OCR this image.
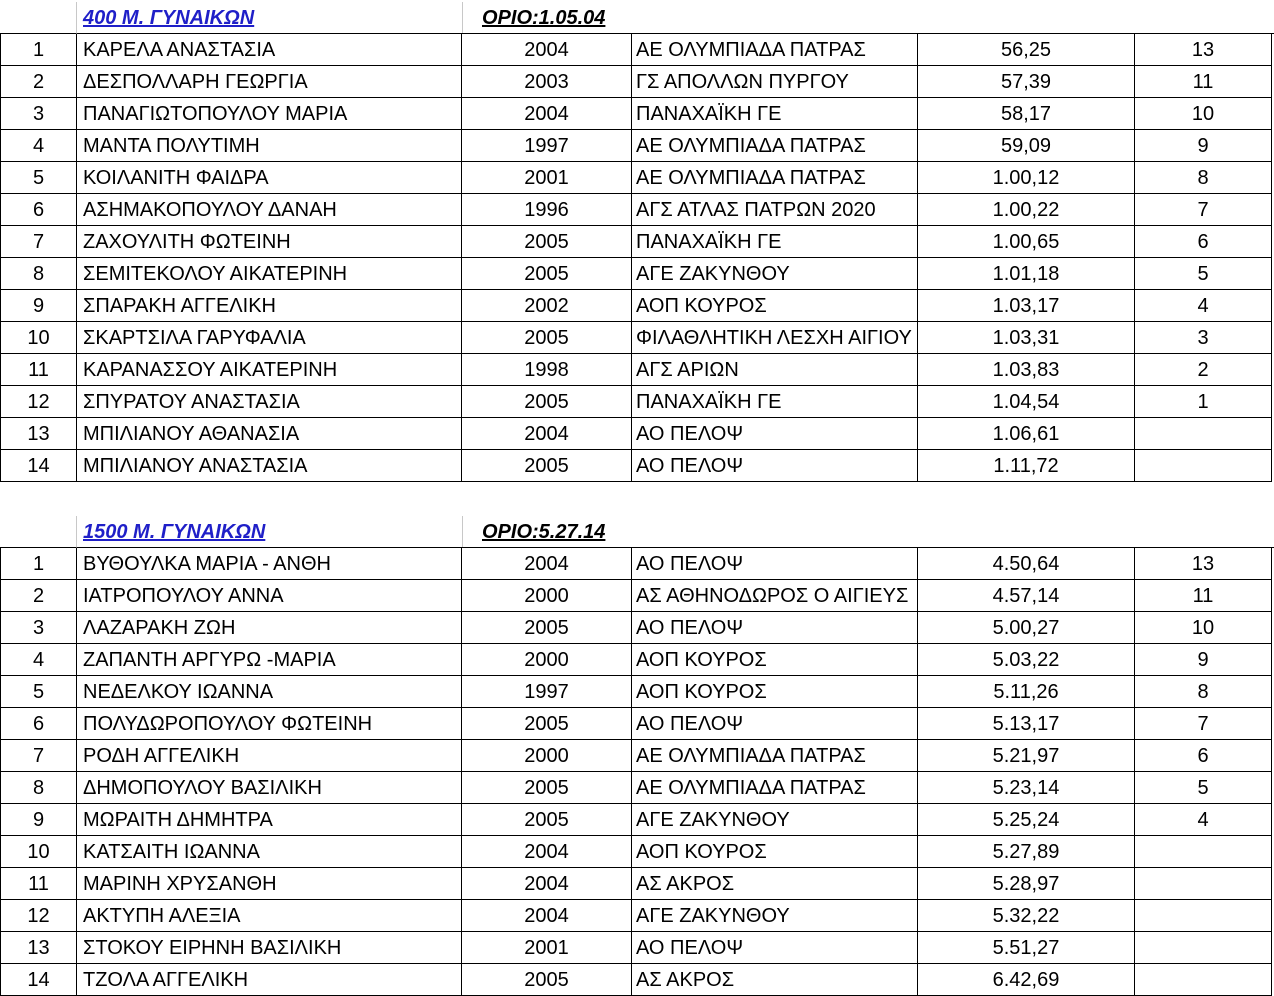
400 Μ. ΓΥΝΑΙΚΩΝ	ΟΡΙΟ:1.05.04
1	ΚΑΡΕΛΑ ΑΝΑΣΤΑΣΙΑ	2004	ΑΕ ΟΛΥΜΠΙΑΔΑ ΠΑΤΡΑΣ	56,25	13
2	ΔΕΣΠΟΛΛΑΡΗ ΓΕΩΡΓΙΑ	2003	ΓΣ ΑΠΟΛΛΩΝ ΠΥΡΓΟΥ	57,39	11
3	ΠΑΝΑΓΙΩΤΟΠΟΥΛΟΥ ΜΑΡΙΑ	2004	ΠΑΝΑΧΑΪΚΗ ΓΕ	58,17	10
4	ΜΑΝΤΑ ΠΟΛΥΤΙΜΗ	1997	ΑΕ ΟΛΥΜΠΙΑΔΑ ΠΑΤΡΑΣ	59,09	9
5	ΚΟΙΛΑΝΙΤΗ ΦΑΙΔΡΑ	2001	ΑΕ ΟΛΥΜΠΙΑΔΑ ΠΑΤΡΑΣ	1.00,12	8
6	ΑΣΗΜΑΚΟΠΟΥΛΟΥ ΔΑΝΑΗ	1996	ΑΓΣ ΑΤΛΑΣ ΠΑΤΡΩΝ 2020	1.00,22	7
7	ΖΑΧΟΥΛΙΤΗ ΦΩΤΕΙΝΗ	2005	ΠΑΝΑΧΑΪΚΗ ΓΕ	1.00,65	6
8	ΣΕΜΙΤΕΚΟΛΟΥ ΑΙΚΑΤΕΡΙΝΗ	2005	ΑΓΕ ΖΑΚΥΝΘΟΥ	1.01,18	5
9	ΣΠΑΡΑΚΗ ΑΓΓΕΛΙΚΗ	2002	ΑΟΠ ΚΟΥΡΟΣ	1.03,17	4
10	ΣΚΑΡΤΣΙΛΑ ΓΑΡΥΦΑΛΙΑ	2005	ΦΙΛΑΘΛΗΤΙΚΗ ΛΕΣΧΗ ΑΙΓΙΟΥ	1.03,31	3
11	ΚΑΡΑΝΑΣΣΟΥ ΑΙΚΑΤΕΡΙΝΗ	1998	ΑΓΣ ΑΡΙΩΝ	1.03,83	2
12	ΣΠΥΡΑΤΟΥ ΑΝΑΣΤΑΣΙΑ	2005	ΠΑΝΑΧΑΪΚΗ ΓΕ	1.04,54	1
13	ΜΠΙΛΙΑΝΟΥ ΑΘΑΝΑΣΙΑ	2004	ΑΟ ΠΕΛΟΨ	1.06,61
14	ΜΠΙΛΙΑΝΟΥ ΑΝΑΣΤΑΣΙΑ	2005	ΑΟ ΠΕΛΟΨ	1.11,72
1500 Μ. ΓΥΝΑΙΚΩΝ	ΟΡΙΟ:5.27.14
1	ΒΥΘΟΥΛΚΑ ΜΑΡΙΑ - ΑΝΘΗ	2004	ΑΟ ΠΕΛΟΨ	4.50,64	13
2	ΙΑΤΡΟΠΟΥΛΟΥ ΑΝΝΑ	2000	ΑΣ ΑΘΗΝΟΔΩΡΟΣ Ο ΑΙΓΙΕΥΣ	4.57,14	11
3	ΛΑΖΑΡΑΚΗ ΖΩΗ	2005	ΑΟ ΠΕΛΟΨ	5.00,27	10
4	ΖΑΠΑΝΤΗ ΑΡΓΥΡΩ -ΜΑΡΙΑ	2000	ΑΟΠ ΚΟΥΡΟΣ	5.03,22	9
5	ΝΕΔΕΛΚΟΥ ΙΩΑΝΝΑ	1997	ΑΟΠ ΚΟΥΡΟΣ	5.11,26	8
6	ΠΟΛΥΔΩΡΟΠΟΥΛΟΥ ΦΩΤΕΙΝΗ	2005	ΑΟ ΠΕΛΟΨ	5.13,17	7
7	ΡΟΔΗ ΑΓΓΕΛΙΚΗ	2000	ΑΕ ΟΛΥΜΠΙΑΔΑ ΠΑΤΡΑΣ	5.21,97	6
8	ΔΗΜΟΠΟΥΛΟΥ ΒΑΣΙΛΙΚΗ	2005	ΑΕ ΟΛΥΜΠΙΑΔΑ ΠΑΤΡΑΣ	5.23,14	5
9	ΜΩΡΑΙΤΗ ΔΗΜΗΤΡΑ	2005	ΑΓΕ ΖΑΚΥΝΘΟΥ	5.25,24	4
10	ΚΑΤΣΑΙΤΗ ΙΩΑΝΝΑ	2004	ΑΟΠ ΚΟΥΡΟΣ	5.27,89
11	ΜΑΡΙΝΗ ΧΡΥΣΑΝΘΗ	2004	ΑΣ ΑΚΡΟΣ	5.28,97
12	ΑΚΤΥΠΗ ΑΛΕΞΙΑ	2004	ΑΓΕ ΖΑΚΥΝΘΟΥ	5.32,22
13	ΣΤΟΚΟΥ ΕΙΡΗΝΗ ΒΑΣΙΛΙΚΗ	2001	ΑΟ ΠΕΛΟΨ	5.51,27
14	ΤΖΟΛΑ ΑΓΓΕΛΙΚΗ	2005	ΑΣ ΑΚΡΟΣ	6.42,69
